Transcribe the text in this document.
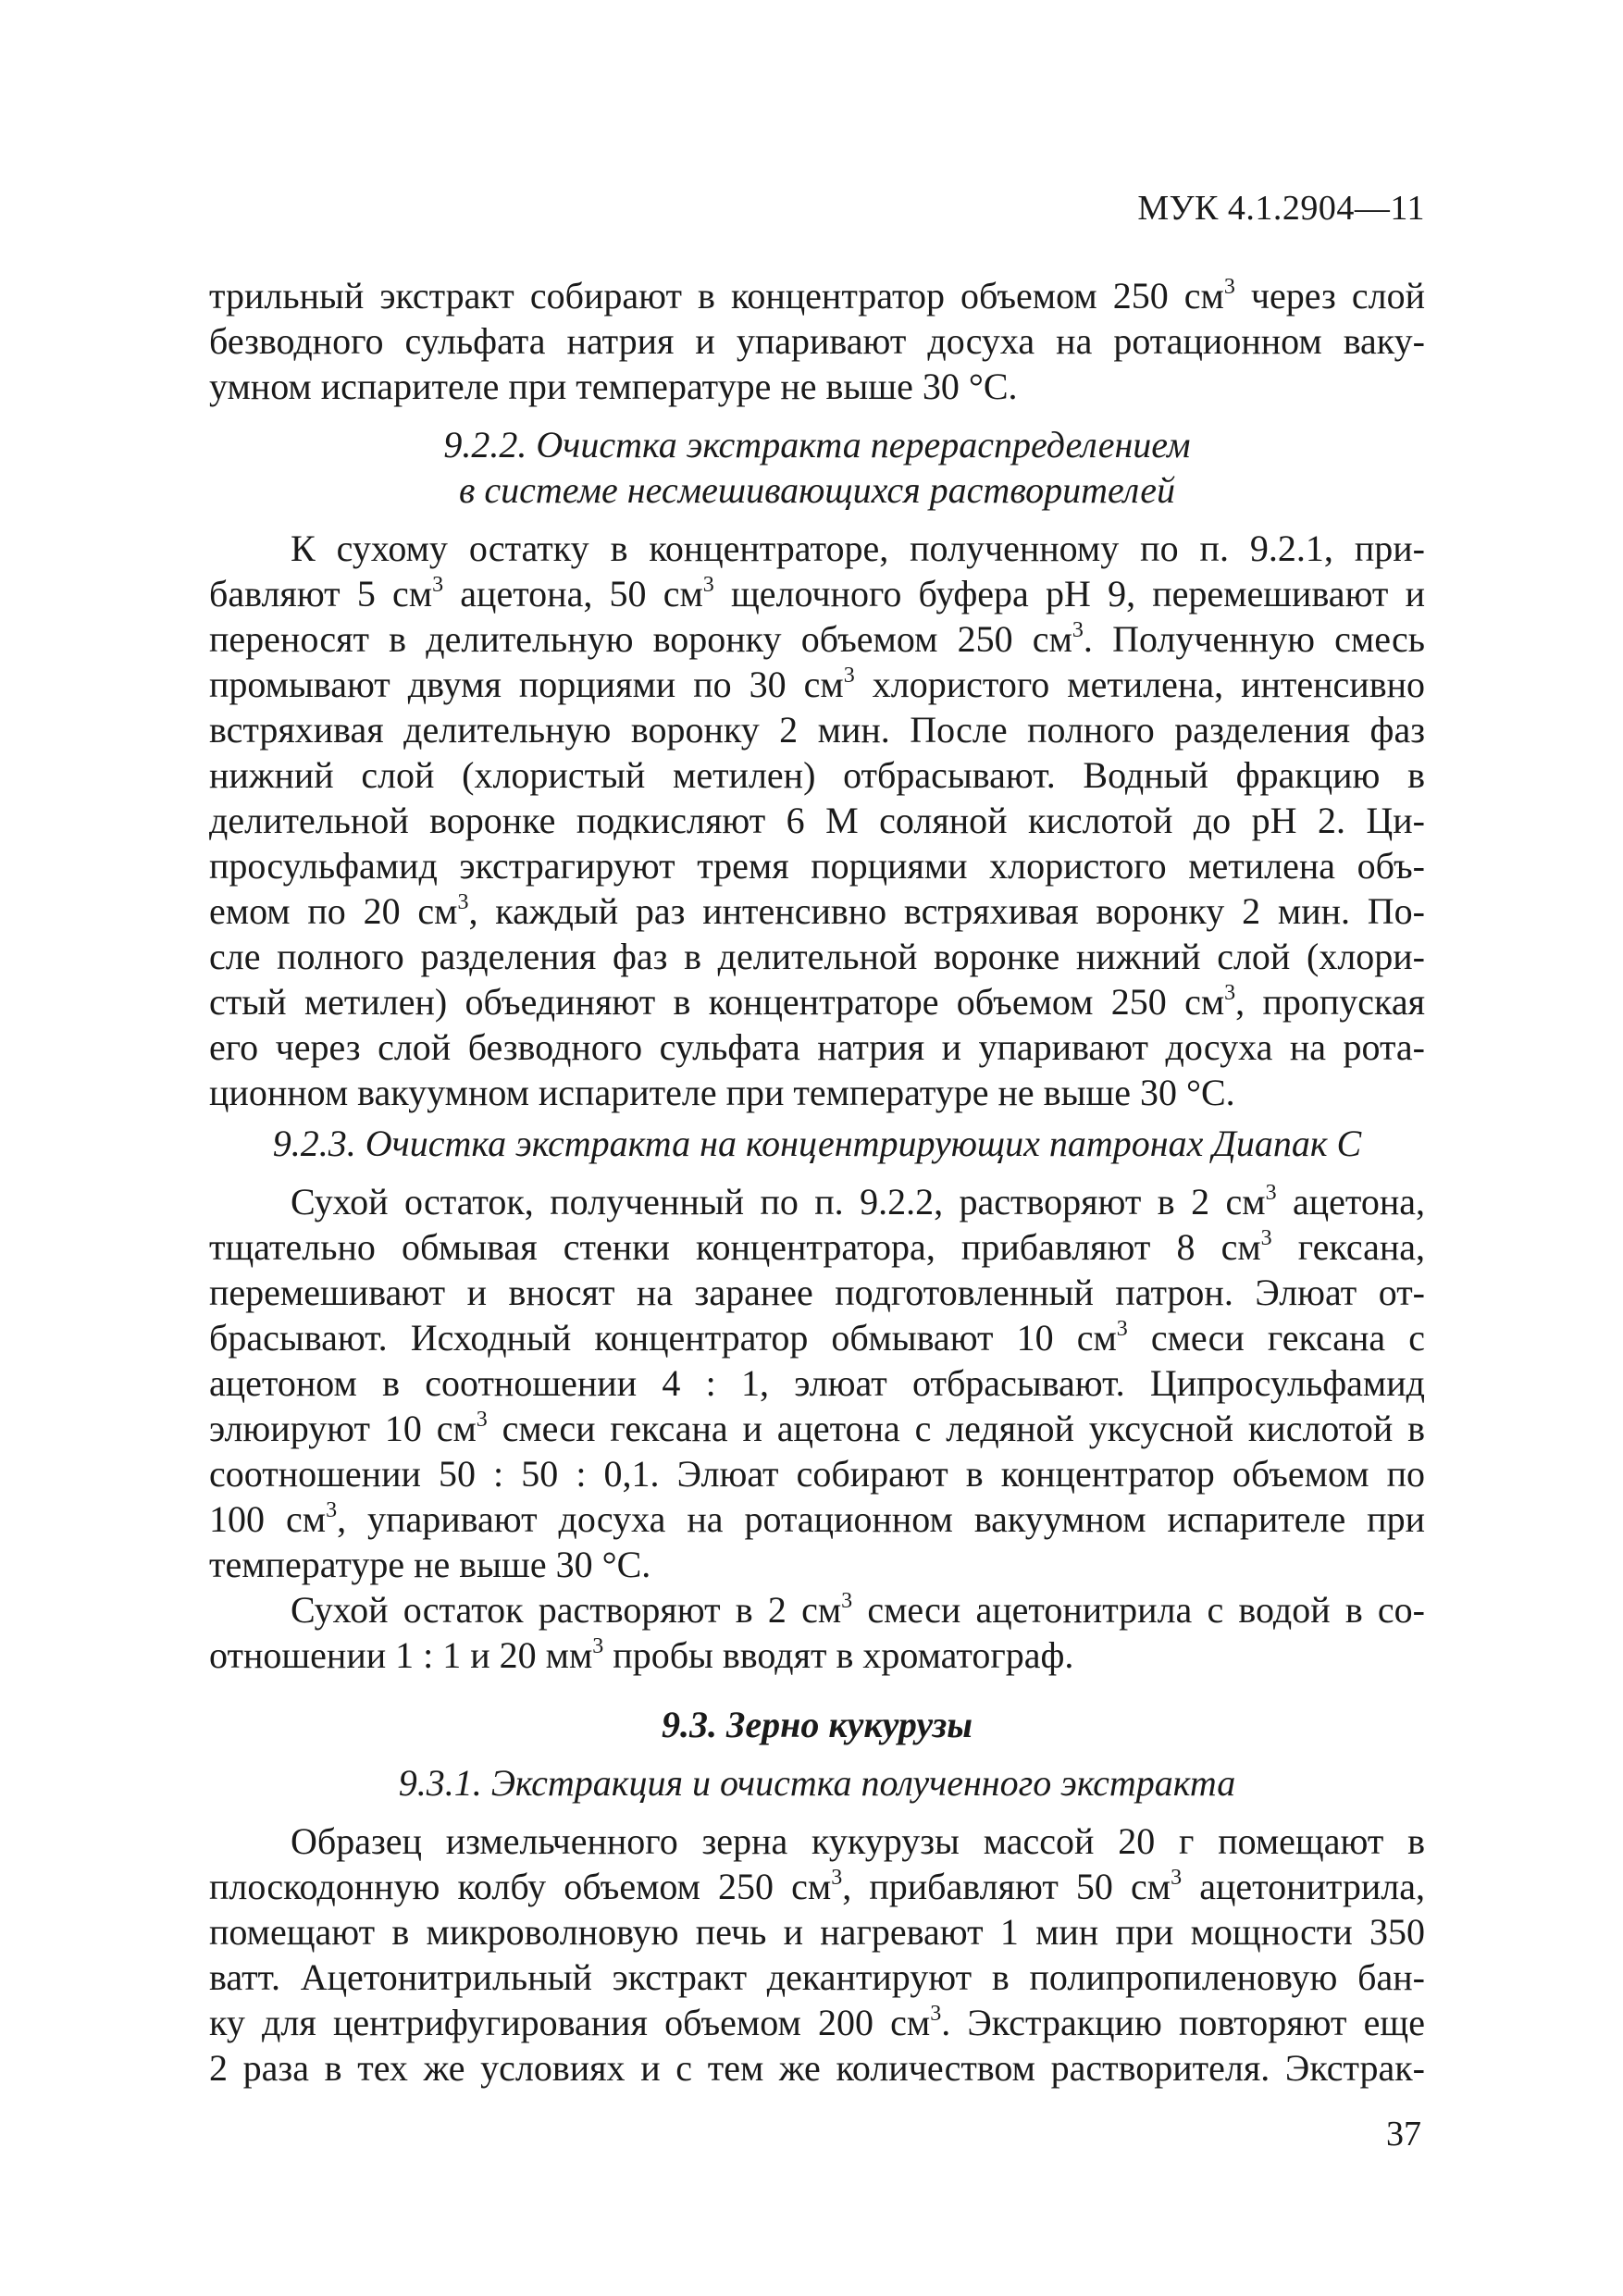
МУК 4.1.2904—11
трильный экстракт собирают в концентратор объемом 250 $см^3$ через слой
безводного сульфата натрия и упаривают досуха на ротационном ваку-
умном испарителе при температуре не выше 30 °С.
9.2.2. Очистка экстракта перераспределением
в системе несмешивающихся растворителей
К сухому остатку в концентраторе, полученному по п. 9.2.1, при-
бавляют 5 $см^3$ ацетона, 50 $см^3$ щелочного буфера рН 9, перемешивают и
переносят в делительную воронку объемом 250 $см^3$. Полученную смесь
промывают двумя порциями по 30 $см^3$ хлористого метилена, интенсивно
встряхивая делительную воронку 2 мин. После полного разделения фаз
нижний слой (хлористый метилен) отбрасывают. Водный фракцию в
делительной воронке подкисляют 6 М соляной кислотой до рН 2. Ци-
просульфамид экстрагируют тремя порциями хлористого метилена объ-
емом по 20 $см^3$, каждый раз интенсивно встряхивая воронку 2 мин. По-
сле полного разделения фаз в делительной воронке нижний слой (хлори-
стый метилен) объединяют в концентраторе объемом 250 $см^3$, пропуская
его через слой безводного сульфата натрия и упаривают досуха на рота-
ционном вакуумном испарителе при температуре не выше 30 °С.
9.2.3. Очистка экстракта на концентрирующих патронах Диапак С
Сухой остаток, полученный по п. 9.2.2, растворяют в 2 $см^3$ ацетона,
тщательно обмывая стенки концентратора, прибавляют 8 $см^3$ гексана,
перемешивают и вносят на заранее подготовленный патрон. Элюат от-
брасывают. Исходный концентратор обмывают 10 $см^3$ смеси гексана с
ацетоном в соотношении 4 : 1, элюат отбрасывают. Ципросульфамид
элюируют 10 $см^3$ смеси гексана и ацетона с ледяной уксусной кислотой в
соотношении 50 : 50 : 0,1. Элюат собирают в концентратор объемом по
100 $см^3$, упаривают досуха на ротационном вакуумном испарителе при
температуре не выше 30 °С.
Сухой остаток растворяют в 2 $см^3$ смеси ацетонитрила с водой в со-
отношении 1 : 1 и 20 $мм^3$ пробы вводят в хроматограф.
9.3. Зерно кукурузы
9.3.1. Экстракция и очистка полученного экстракта
Образец измельченного зерна кукурузы массой 20 г помещают в
плоскодонную колбу объемом 250 $см^3$, прибавляют 50 $см^3$ ацетонитрила,
помещают в микроволновую печь и нагревают 1 мин при мощности 350
ватт. Ацетонитрильный экстракт декантируют в полипропиленовую бан-
ку для центрифугирования объемом 200 $см^3$. Экстракцию повторяют еще
2 раза в тех же условиях и с тем же количеством растворителя. Экстрак-
37
